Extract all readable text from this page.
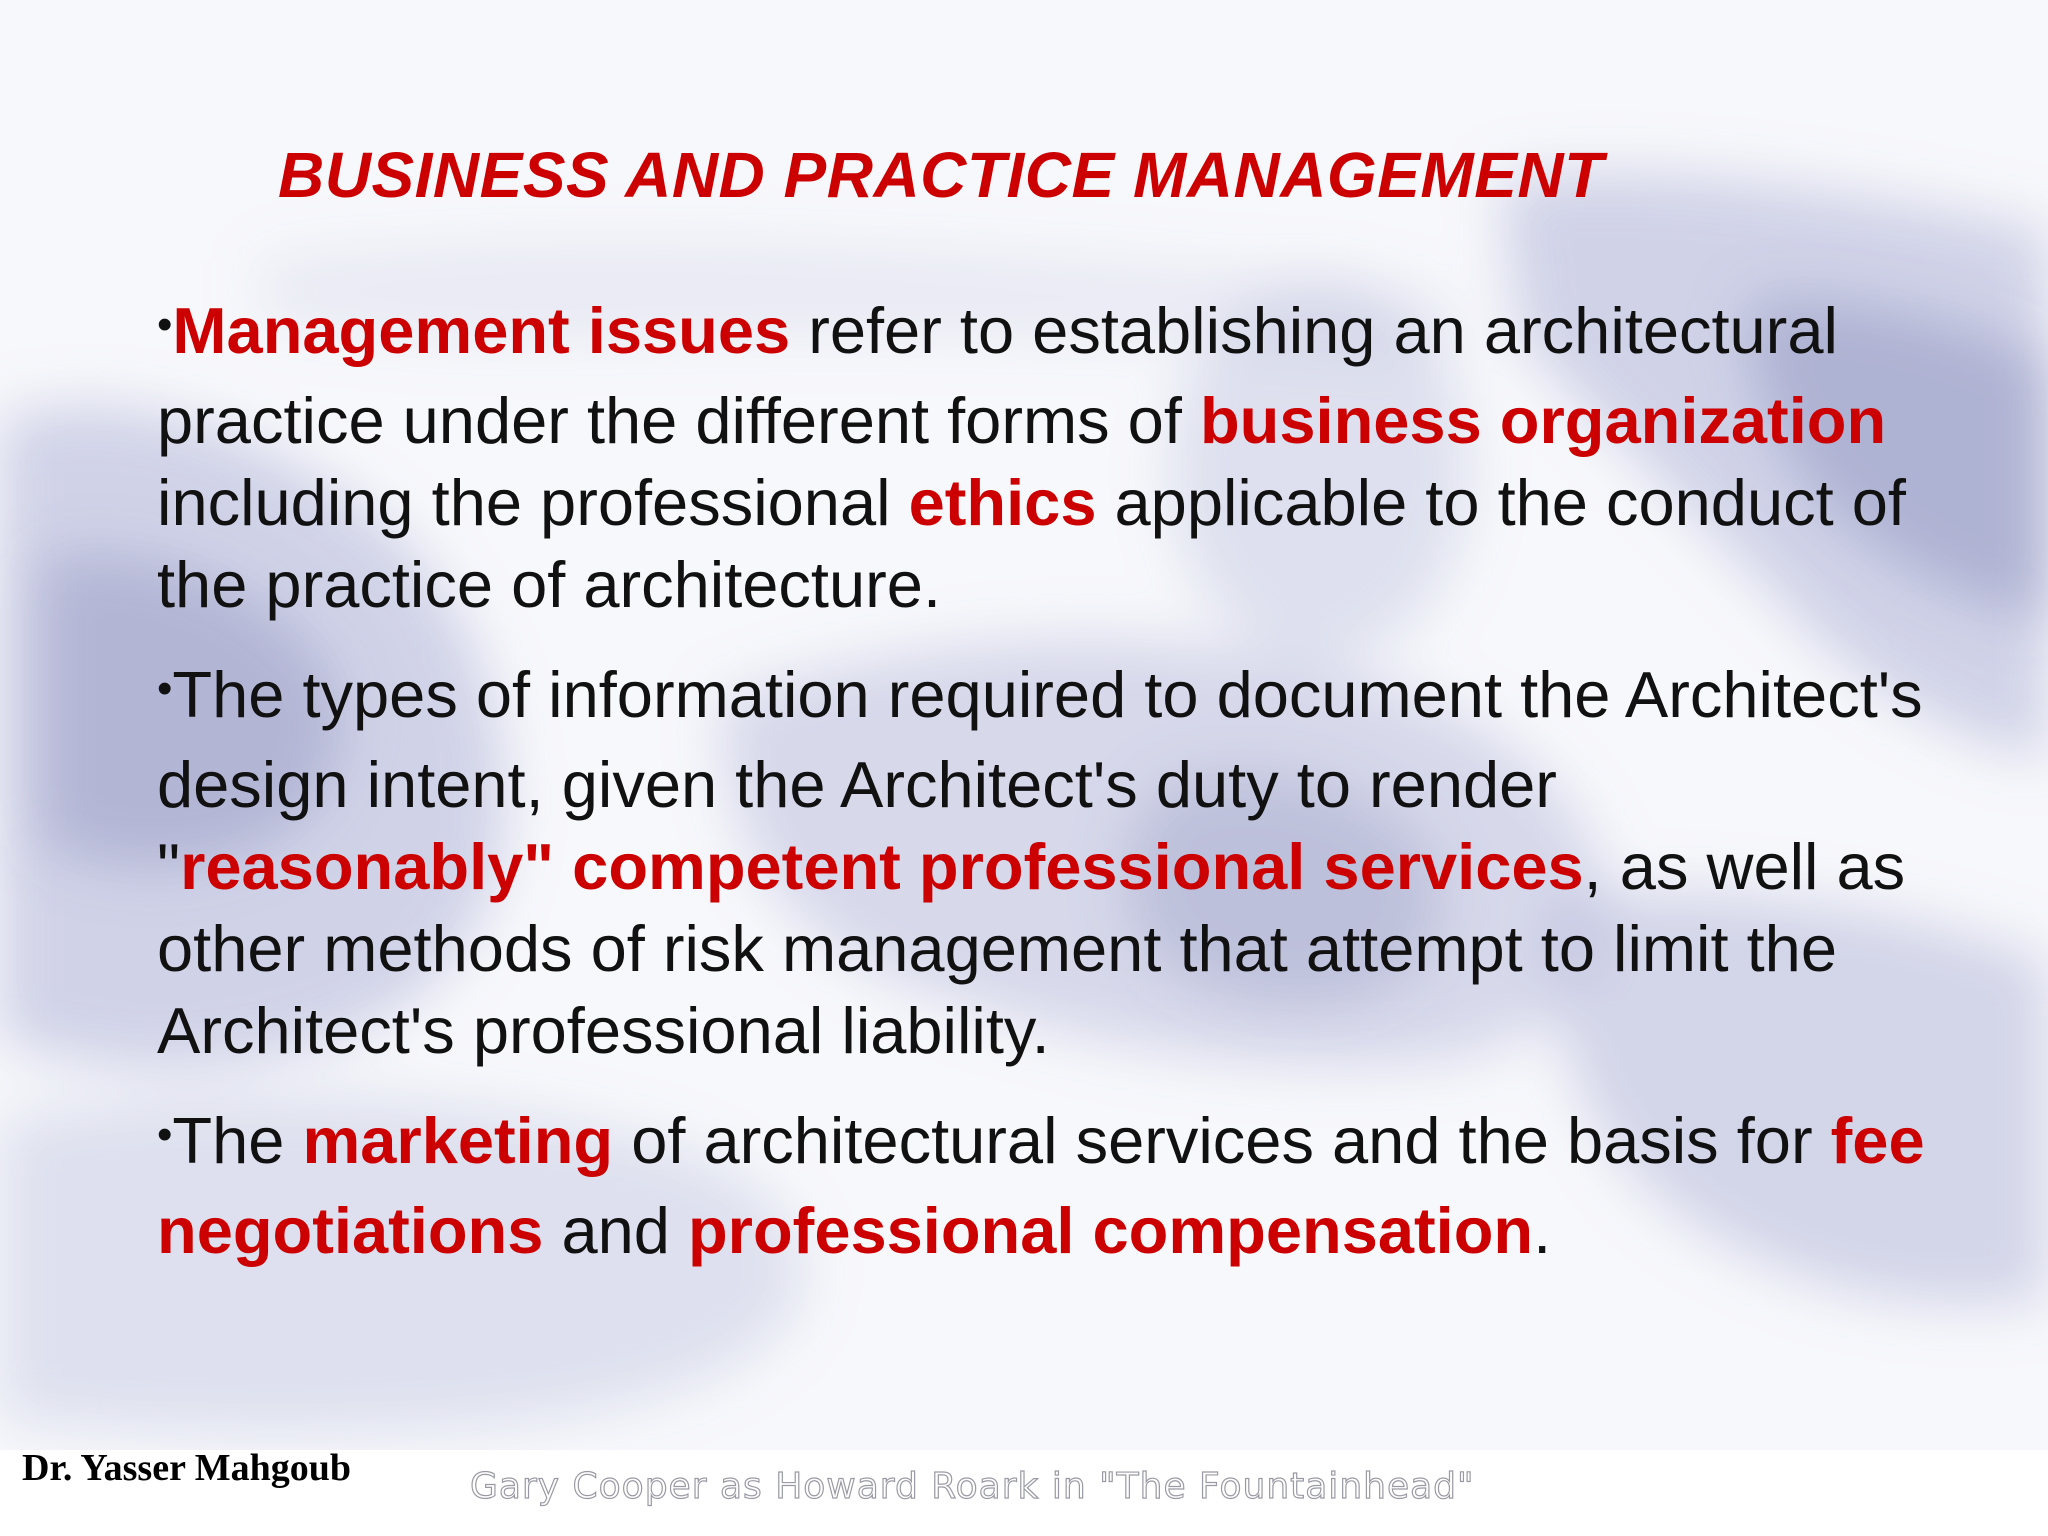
Gary Cooper as Howard Roark in "The Fountainhead"
Dr. Yasser Mahgoub
BUSINESS AND PRACTICE MANAGEMENT

•Management issues refer to establishing an architectural practice under the different forms of business organization including the professional ethics applicable to the conduct of the practice of architecture.

•The types of information required to document the Architect's design intent, given the Architect's duty to render "reasonably" competent professional services, as well as other methods of risk management that attempt to limit the Architect's professional liability.

•The marketing of architectural services and the basis for fee negotiations and professional compensation.
